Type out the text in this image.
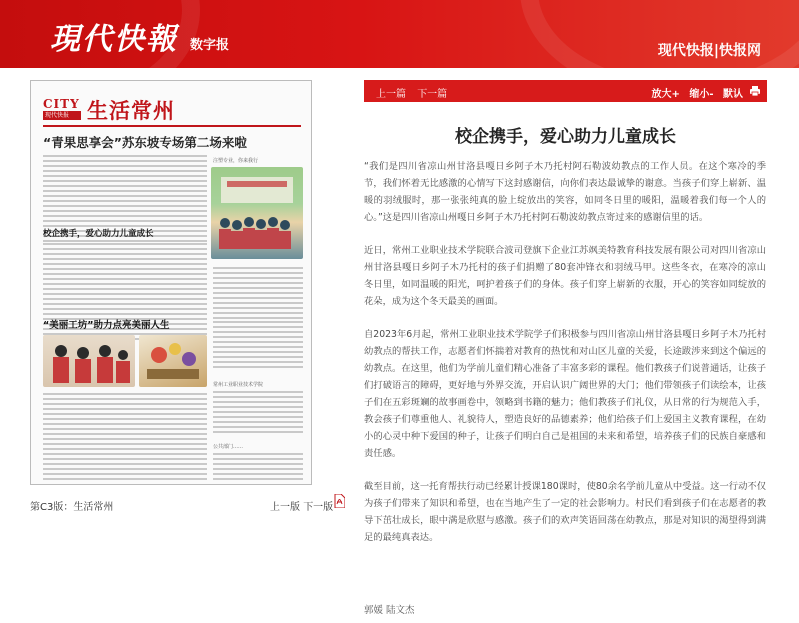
現代快報 数字报	现代快报|快报网
CITY
现代快报 生活常州
“青果思享会”苏东坡专场第二场来啦
注塑专业，你来我行
校企携手，爱心助力儿童成长
“美丽工坊”助力点亮美丽人生
常州工业职业技术学院
公共部门……
第C3版：生活常州	上一版 下一版
上一篇 下一篇	放大+ 缩小- 默认
校企携手，爱心助力儿童成长

“我们是四川省凉山州甘洛县嘎日乡阿子木乃托村阿石勒波幼教点的工作人员。在这个寒冷的季节，我们怀着无比感激的心情写下这封感谢信，向你们表达最诚挚的谢意。当孩子们穿上崭新、温暖的羽绒服时，那一张张纯真的脸上绽放出的笑容，如同冬日里的暖阳，温暖着我们每一个人的心。”这是四川省凉山州嘎日乡阿子木乃托村阿石勒波幼教点寄过来的感谢信里的话。

近日，常州工业职业技术学院联合波司登旗下企业江苏飒美特教育科技发展有限公司对四川省凉山州甘洛县嘎日乡阿子木乃托村的孩子们捐赠了80套冲锋衣和羽绒马甲。这些冬衣，在寒冷的凉山冬日里，如同温暖的阳光，呵护着孩子们的身体。孩子们穿上崭新的衣服，开心的笑容如同绽放的花朵，成为这个冬天最美的画面。

自2023年6月起，常州工业职业技术学院学子们积极参与四川省凉山州甘洛县嘎日乡阿子木乃托村幼教点的帮扶工作，志愿者们怀揣着对教育的热忱和对山区儿童的关爱，长途跋涉来到这个偏远的幼教点。在这里，他们为学前儿童们精心准备了丰富多彩的课程。他们教孩子们说普通话，让孩子们打破语言的障碍，更好地与外界交流，开启认识广阔世界的大门；他们带领孩子们读绘本，让孩子们在五彩斑斓的故事画卷中，领略到书籍的魅力；他们教孩子们礼仪，从日常的行为规范入手，教会孩子们尊重他人、礼貌待人，塑造良好的品德素养；他们给孩子们上爱国主义教育课程，在幼小的心灵中种下爱国的种子，让孩子们明白自己是祖国的未来和希望，培养孩子们的民族自豪感和责任感。

截至目前，这一托育帮扶行动已经累计授课180课时，使80余名学前儿童从中受益。这一行动不仅为孩子们带来了知识和希望，也在当地产生了一定的社会影响力。村民们看到孩子们在志愿者的教导下茁壮成长，眼中满是欣慰与感激。孩子们的欢声笑语回荡在幼教点，那是对知识的渴望得到满足的最纯真表达。

郭媛 陆文杰
